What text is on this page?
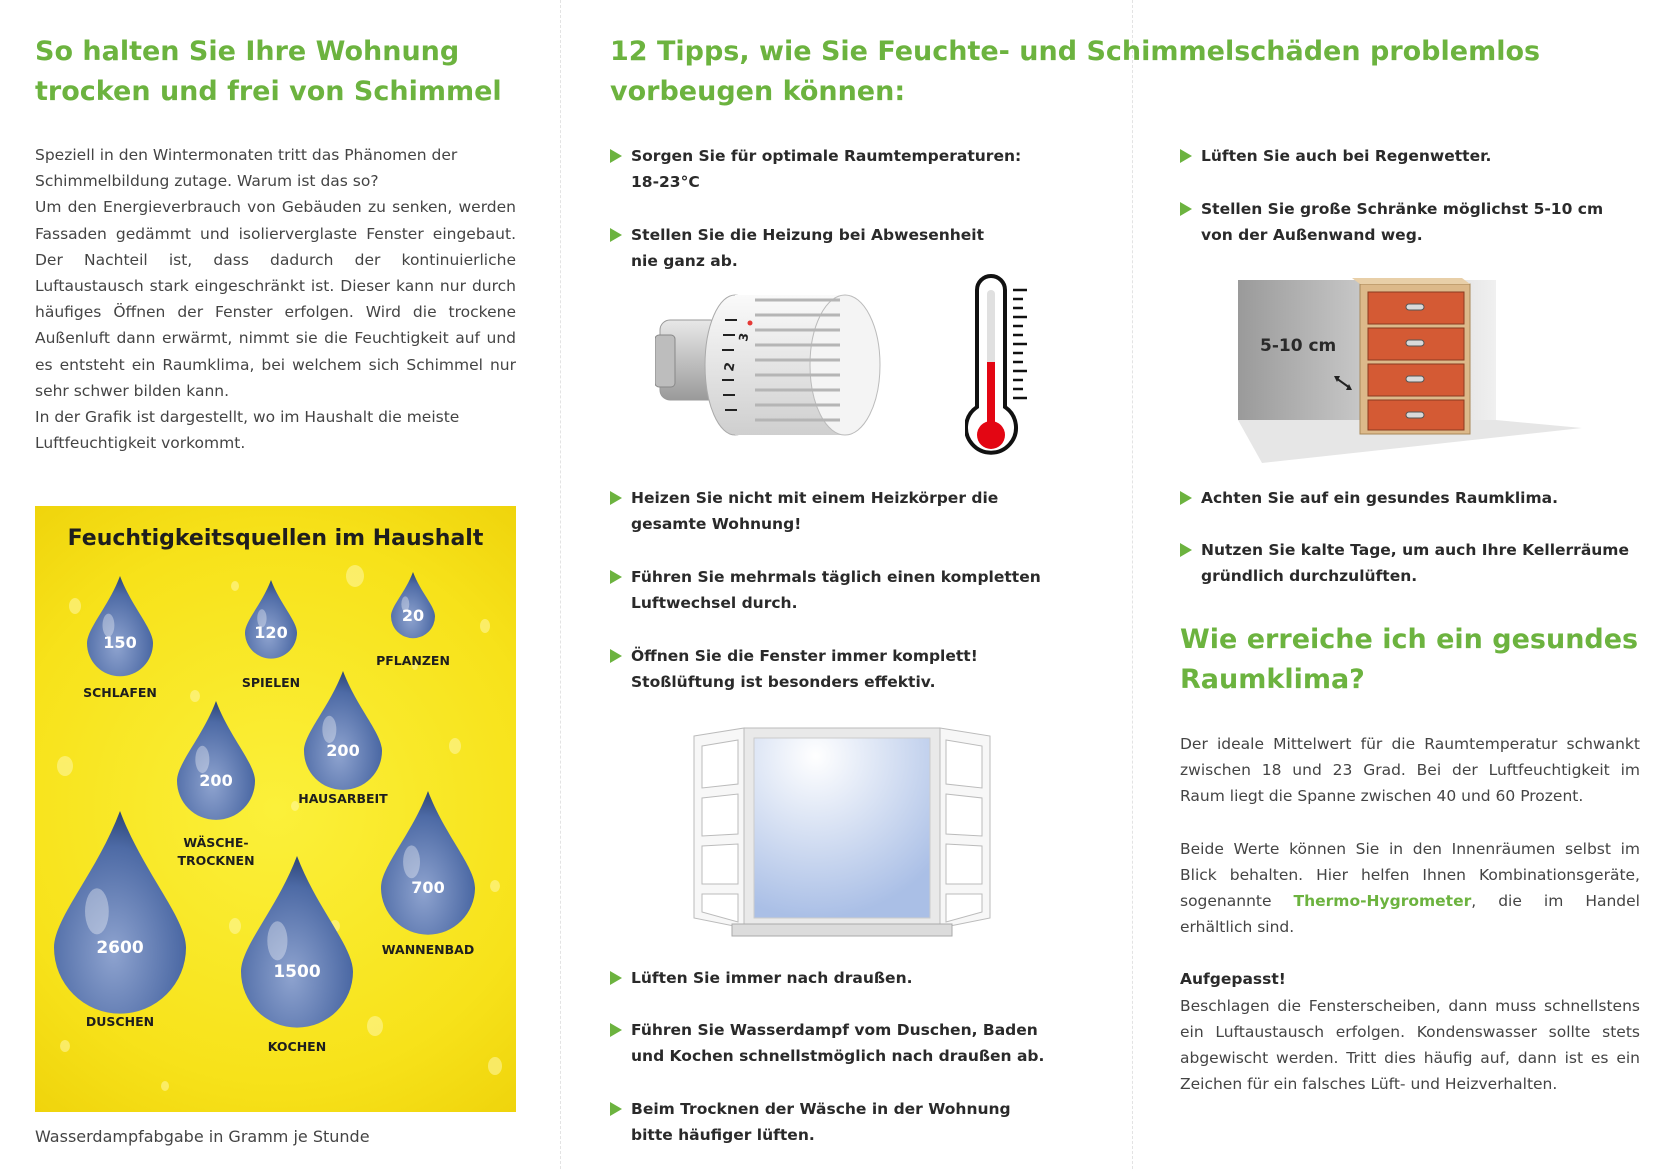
So halten Sie Ihre Wohnung trocken und frei von Schimmel

Speziell in den Wintermonaten tritt das Phänomen der Schimmelbildung zutage. Warum ist das so?

Um den Energieverbrauch von Gebäuden zu senken, werden Fassaden gedämmt und isolierverglaste Fenster eingebaut. Der Nachteil ist, dass dadurch der kontinuierliche Luftaustausch stark eingeschränkt ist. Dieser kann nur durch häufiges Öffnen der Fenster erfolgen. Wird die trockene Außenluft dann erwärmt, nimmt sie die Feuchtigkeit auf und es entsteht ein Raumklima, bei welchem sich Schimmel nur sehr schwer bilden kann.

In der Grafik ist dargestellt, wo im Haushalt die meiste Luftfeuchtigkeit vorkommt.

Feuchtigkeitsquellen im Haushalt
150
SCHLAFEN
120
SPIELEN
20
PFLANZEN
200
WÄSCHE-
TROCKNEN
200
HAUSARBEIT
700
WANNENBAD
2600
DUSCHEN
1500
KOCHEN
Wasserdampfabgabe in Gramm je Stunde
12 Tipps, wie Sie Feuchte- und Schimmelschäden problemlos vorbeugen können:
Sorgen Sie für optimale Raumtemperaturen: 18-23°C
Stellen Sie die Heizung bei Abwesenheit nie ganz ab.
2
3
Heizen Sie nicht mit einem Heizkörper die gesamte Wohnung!
Führen Sie mehrmals täglich einen kompletten Luftwechsel durch.
Öffnen Sie die Fenster immer komplett! Stoßlüftung ist besonders effektiv.
Lüften Sie immer nach draußen.
Führen Sie Wasserdampf vom Duschen, Baden und Kochen schnellstmöglich nach draußen ab.
Beim Trocknen der Wäsche in der Wohnung bitte häufiger lüften.
Lüften Sie auch bei Regenwetter.
Stellen Sie große Schränke möglichst 5-10 cm von der Außenwand weg.
5-10 cm
Achten Sie auf ein gesundes Raumklima.
Nutzen Sie kalte Tage, um auch Ihre Kellerräume gründlich durchzulüften.
Wie erreiche ich ein gesundes Raumklima?

Der ideale Mittelwert für die Raumtemperatur schwankt zwischen 18 und 23 Grad. Bei der Luftfeuchtigkeit im Raum liegt die Spanne zwischen 40 und 60 Prozent.

Beide Werte können Sie in den Innenräumen selbst im Blick behalten. Hier helfen Ihnen Kombinationsgeräte, sogenannte Thermo-Hygrometer, die im Handel erhältlich sind.

Aufgepasst!

Beschlagen die Fensterscheiben, dann muss schnellstens ein Luftaustausch erfolgen. Kondenswasser sollte stets abgewischt werden. Tritt dies häufig auf, dann ist es ein Zeichen für ein falsches Lüft- und Heizverhalten.
